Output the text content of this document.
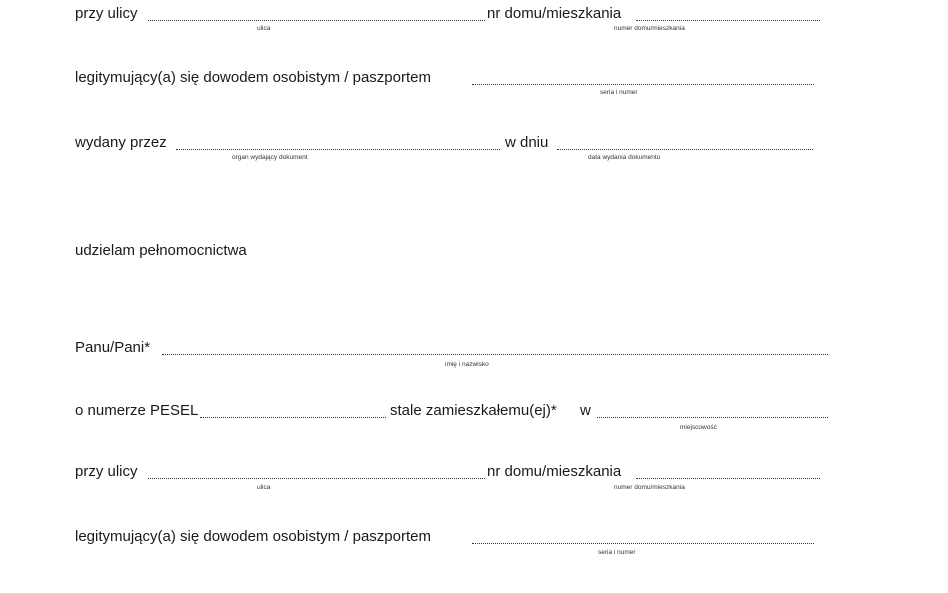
przy ulicy	nr domu/mieszkania
ulica	numer domu/mieszkania
legitymujący(a) się dowodem osobistym / paszportem
seria i numer
wydany przez	w dniu
organ wydający dokument	data wydania dokumentu
udzielam pełnomocnictwa
Panu/Pani*
imię i nazwisko
o numerze PESEL	stale zamieszkałemu(ej)* w
miejscowość
przy ulicy	nr domu/mieszkania
ulica	numer domu/mieszkania
legitymujący(a) się dowodem osobistym / paszportem
seria i numer
